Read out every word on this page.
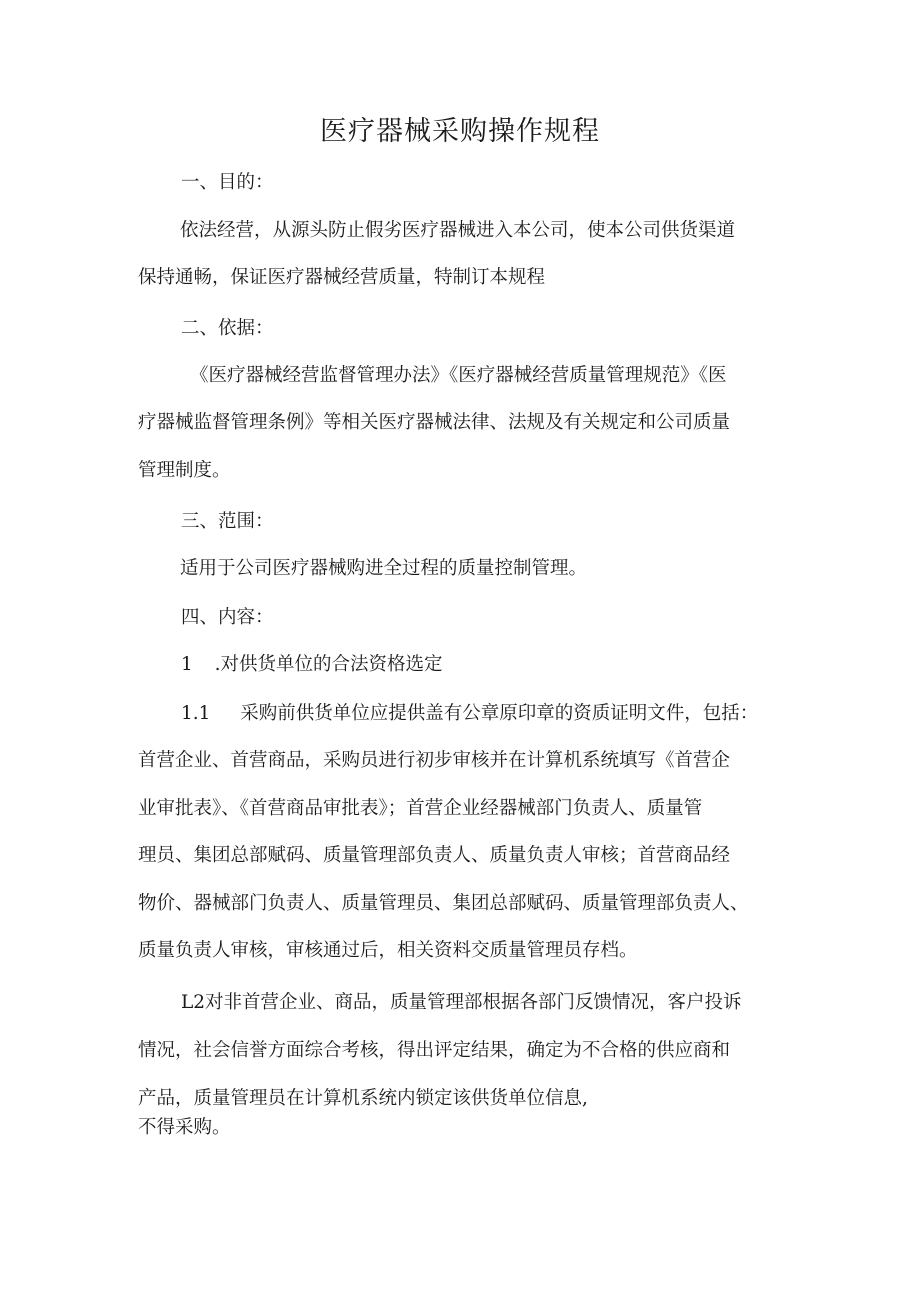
医疗器械采购操作规程

一、目的：

依法经营，从源头防止假劣医疗器械进入本公司，使本公司供货渠道

保持通畅，保证医疗器械经营质量，特制订本规程

二、依据：

《医疗器械经营监督管理办法》《医疗器械经营质量管理规范》《医

疗器械监督管理条例》等相关医疗器械法律、法规及有关规定和公司质量

管理制度。

三、范围：

适用于公司医疗器械购进全过程的质量控制管理。

四、内容：

1 .对供货单位的合法资格选定

1.1 采购前供货单位应提供盖有公章原印章的资质证明文件，包括：

首营企业、首营商品，采购员进行初步审核并在计算机系统填写《首营企

业审批表》、《首营商品审批表》；首营企业经器械部门负责人、质量管

理员、集团总部赋码、质量管理部负责人、质量负责人审核；首营商品经

物价、器械部门负责人、质量管理员、集团总部赋码、质量管理部负责人、

质量负责人审核，审核通过后，相关资料交质量管理员存档。

L2对非首营企业、商品，质量管理部根据各部门反馈情况，客户投诉

情况，社会信誉方面综合考核，得出评定结果，确定为不合格的供应商和

产品，质量管理员在计算机系统内锁定该供货单位信息,

不得采购。
